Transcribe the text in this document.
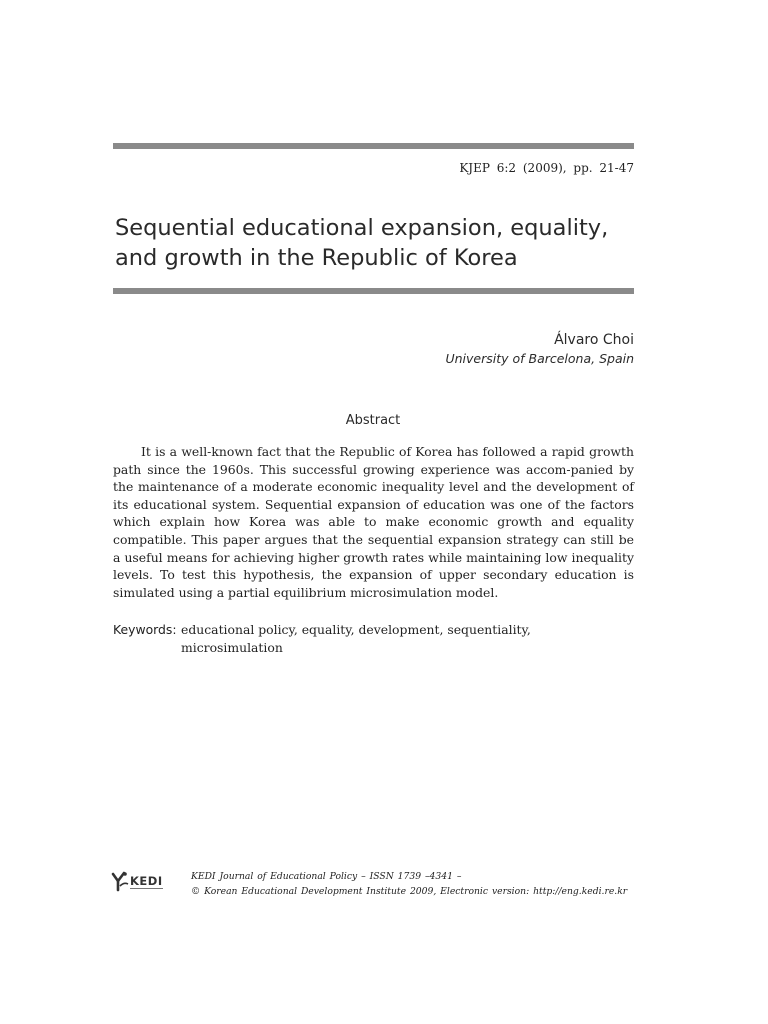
KJEP 6:2 (2009), pp. 21-47
Sequential educational expansion, equality, and growth in the Republic of Korea
Álvaro Choi
University of Barcelona, Spain
Abstract

It is a well-known fact that the Republic of Korea has followed a rapid growth path since the 1960s. This successful growing experience was accom-panied by the maintenance of a moderate economic inequality level and the development of its educational system. Sequential expansion of education was one of the factors which explain how Korea was able to make economic growth and equality compatible. This paper argues that the sequential expansion strategy can still be a useful means for achieving higher growth rates while maintaining low inequality levels. To test this hypothesis, the expansion of upper secondary education is simulated using a partial equilibrium microsimulation model.

Keywords: educational policy, equality, development, sequentiality, microsimulation
KEDI	KEDI Journal of Educational Policy – ISSN 1739 –4341 –
© Korean Educational Development Institute 2009, Electronic version: http://eng.kedi.re.kr
